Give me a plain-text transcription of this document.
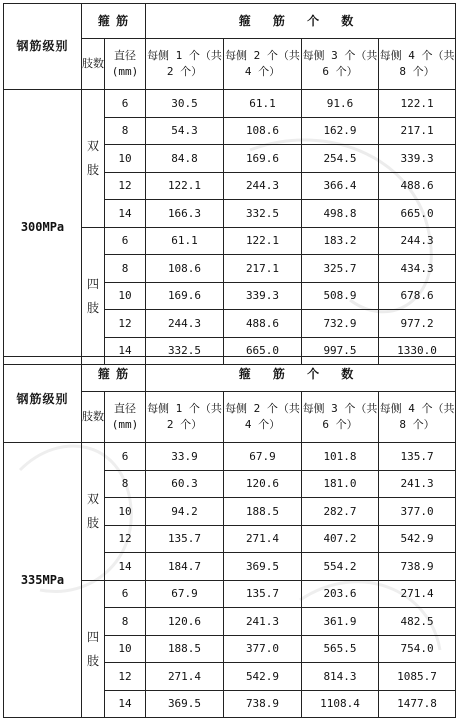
钢筋级别	箍 筋		箍 筋 个 数			
	肢数	直径(mm)	每侧 1 个（共 2 个）	每侧 2 个（共 4 个）	每侧 3 个（共 6 个）	每侧 4 个（共 8 个）
300MPa	双肢	6	30.5	61.1	91.6	122.1
		8	54.3	108.6	162.9	217.1
		10	84.8	169.6	254.5	339.3
		12	122.1	244.3	366.4	488.6
		14	166.3	332.5	498.8	665.0
	四肢	6	61.1	122.1	183.2	244.3
		8	108.6	217.1	325.7	434.3
		10	169.6	339.3	508.9	678.6
		12	244.3	488.6	732.9	977.2
		14	332.5	665.0	997.5	1330.0
钢筋级别	箍 筋		箍 筋 个 数			
	肢数	直径(mm)	每侧 1 个（共 2 个）	每侧 2 个（共 4 个）	每侧 3 个（共 6 个）	每侧 4 个（共 8 个）
335MPa	双肢	6	33.9	67.9	101.8	135.7
		8	60.3	120.6	181.0	241.3
		10	94.2	188.5	282.7	377.0
		12	135.7	271.4	407.2	542.9
		14	184.7	369.5	554.2	738.9
	四肢	6	67.9	135.7	203.6	271.4
		8	120.6	241.3	361.9	482.5
		10	188.5	377.0	565.5	754.0
		12	271.4	542.9	814.3	1085.7
		14	369.5	738.9	1108.4	1477.8
